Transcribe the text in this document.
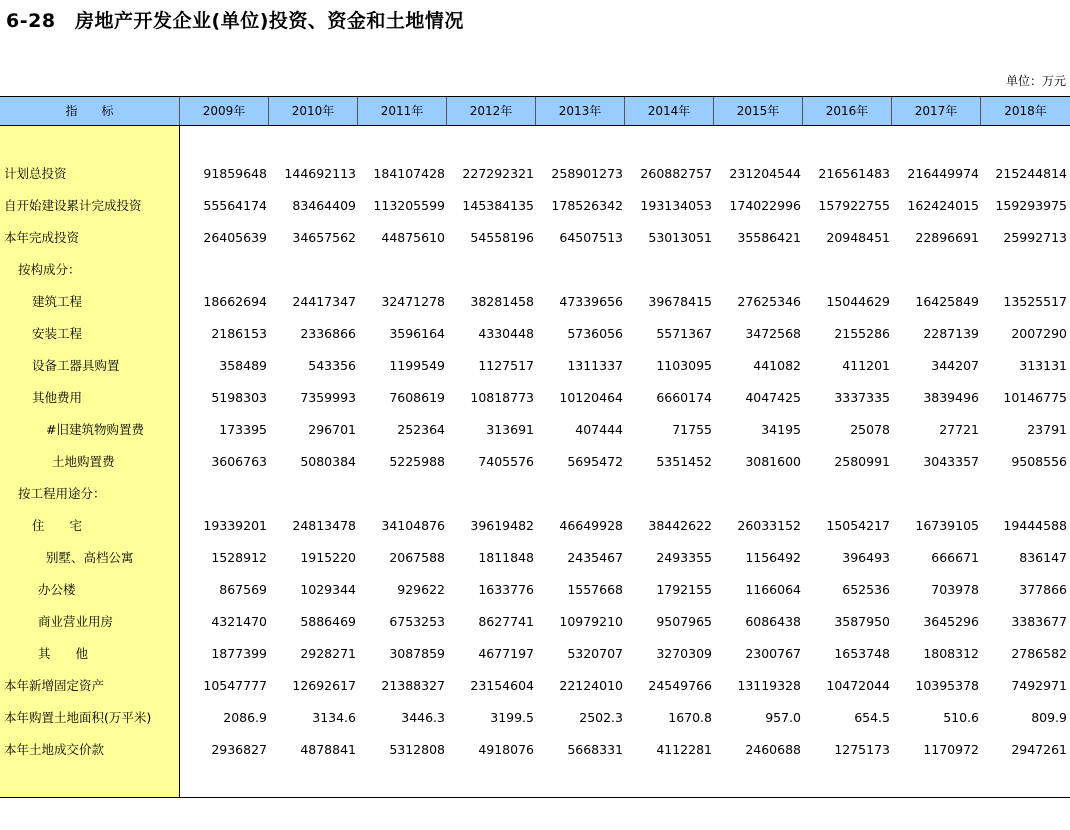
6-28　房地产开发企业(单位)投资、资金和土地情况
单位：万元
指　　标	2009年	2010年	2011年	2012年	2013年	2014年	2015年	2016年	2017年	2018年
计划总投资	91859648	144692113	184107428	227292321	258901273	260882757	231204544	216561483	216449974	215244814
自开始建设累计完成投资	55564174	83464409	113205599	145384135	178526342	193134053	174022996	157922755	162424015	159293975
本年完成投资	26405639	34657562	44875610	54558196	64507513	53013051	35586421	20948451	22896691	25992713
按构成分：
建筑工程	18662694	24417347	32471278	38281458	47339656	39678415	27625346	15044629	16425849	13525517
安装工程	2186153	2336866	3596164	4330448	5736056	5571367	3472568	2155286	2287139	2007290
设备工器具购置	358489	543356	1199549	1127517	1311337	1103095	441082	411201	344207	313131
其他费用	5198303	7359993	7608619	10818773	10120464	6660174	4047425	3337335	3839496	10146775
#旧建筑物购置费	173395	296701	252364	313691	407444	71755	34195	25078	27721	23791
土地购置费	3606763	5080384	5225988	7405576	5695472	5351452	3081600	2580991	3043357	9508556
按工程用途分：
住　　宅	19339201	24813478	34104876	39619482	46649928	38442622	26033152	15054217	16739105	19444588
别墅、高档公寓	1528912	1915220	2067588	1811848	2435467	2493355	1156492	396493	666671	836147
办公楼	867569	1029344	929622	1633776	1557668	1792155	1166064	652536	703978	377866
商业营业用房	4321470	5886469	6753253	8627741	10979210	9507965	6086438	3587950	3645296	3383677
其　　他	1877399	2928271	3087859	4677197	5320707	3270309	2300767	1653748	1808312	2786582
本年新增固定资产	10547777	12692617	21388327	23154604	22124010	24549766	13119328	10472044	10395378	7492971
本年购置土地面积(万平米)	2086.9	3134.6	3446.3	3199.5	2502.3	1670.8	957.0	654.5	510.6	809.9
本年土地成交价款	2936827	4878841	5312808	4918076	5668331	4112281	2460688	1275173	1170972	2947261
